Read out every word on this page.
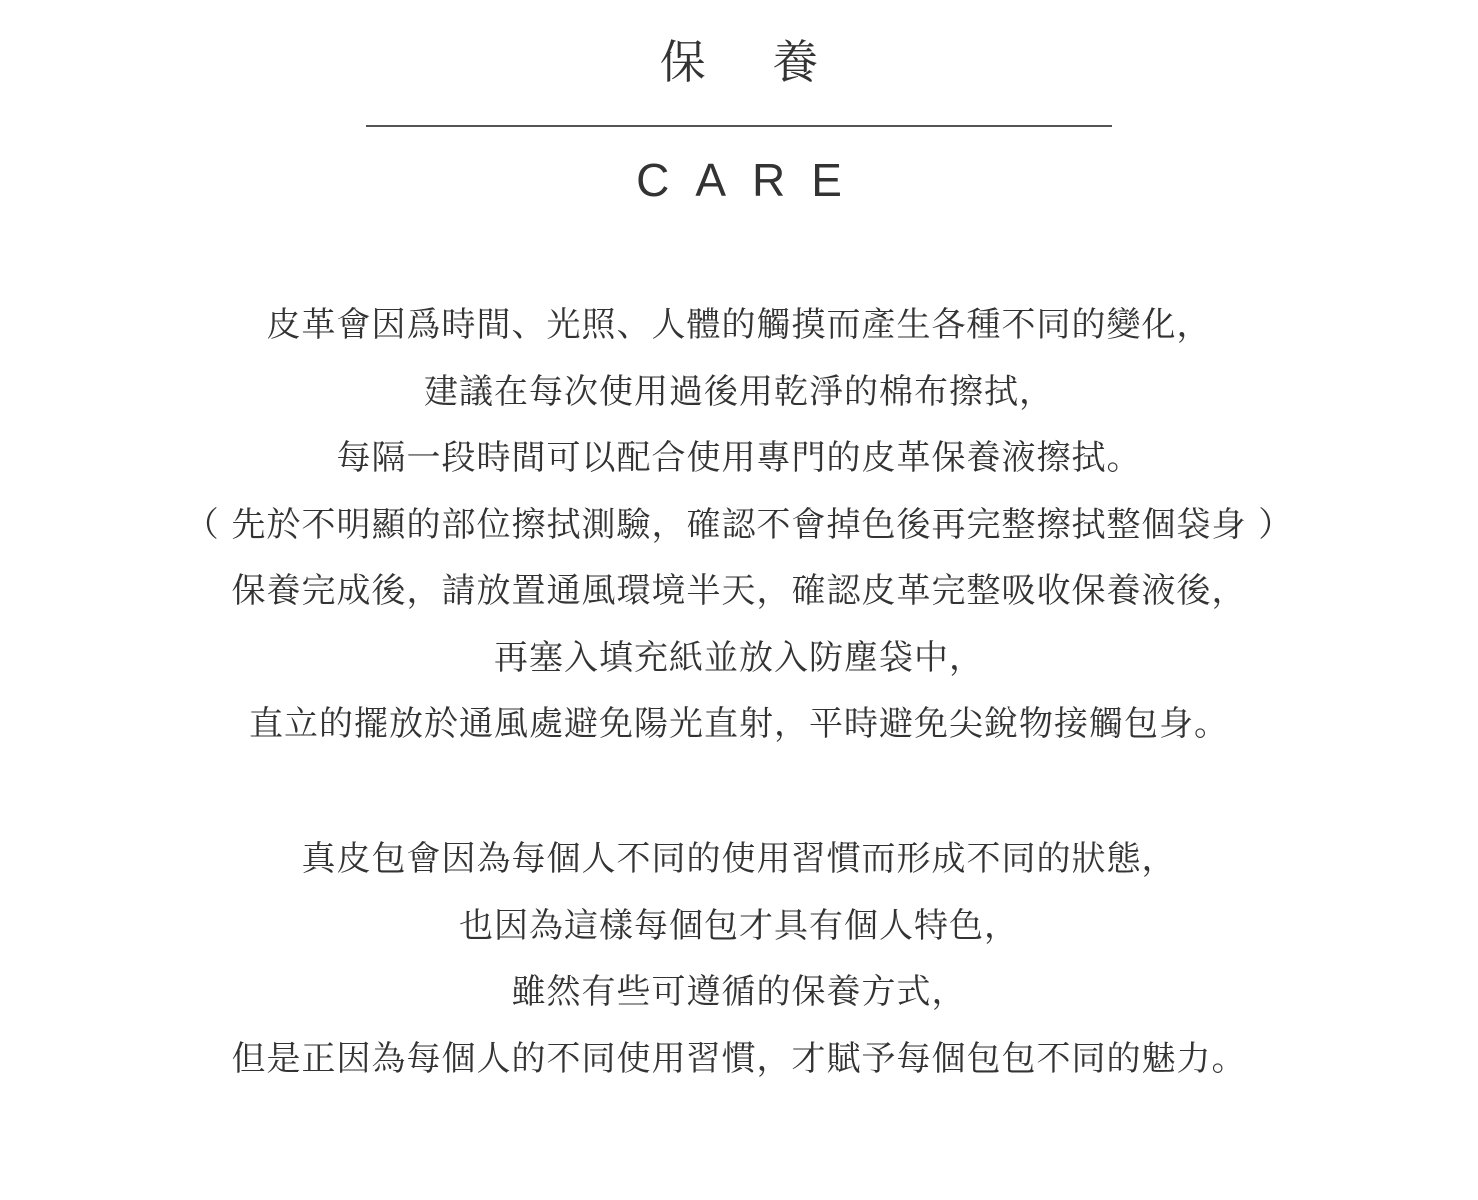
保 養
CARE
皮革會因爲時間、光照、人體的觸摸而產生各種不同的變化，
建議在每次使用過後用乾淨的棉布擦拭，
每隔一段時間可以配合使用專門的皮革保養液擦拭。
（ 先於不明顯的部位擦拭測驗，確認不會掉色後再完整擦拭整個袋身 ）
保養完成後，請放置通風環境半天，確認皮革完整吸收保養液後，
再塞入填充紙並放入防塵袋中，
直立的擺放於通風處避免陽光直射，平時避免尖銳物接觸包身。
真皮包會因為每個人不同的使用習慣而形成不同的狀態，
也因為這樣每個包才具有個人特色，
雖然有些可遵循的保養方式，
但是正因為每個人的不同使用習慣，才賦予每個包包不同的魅力。
